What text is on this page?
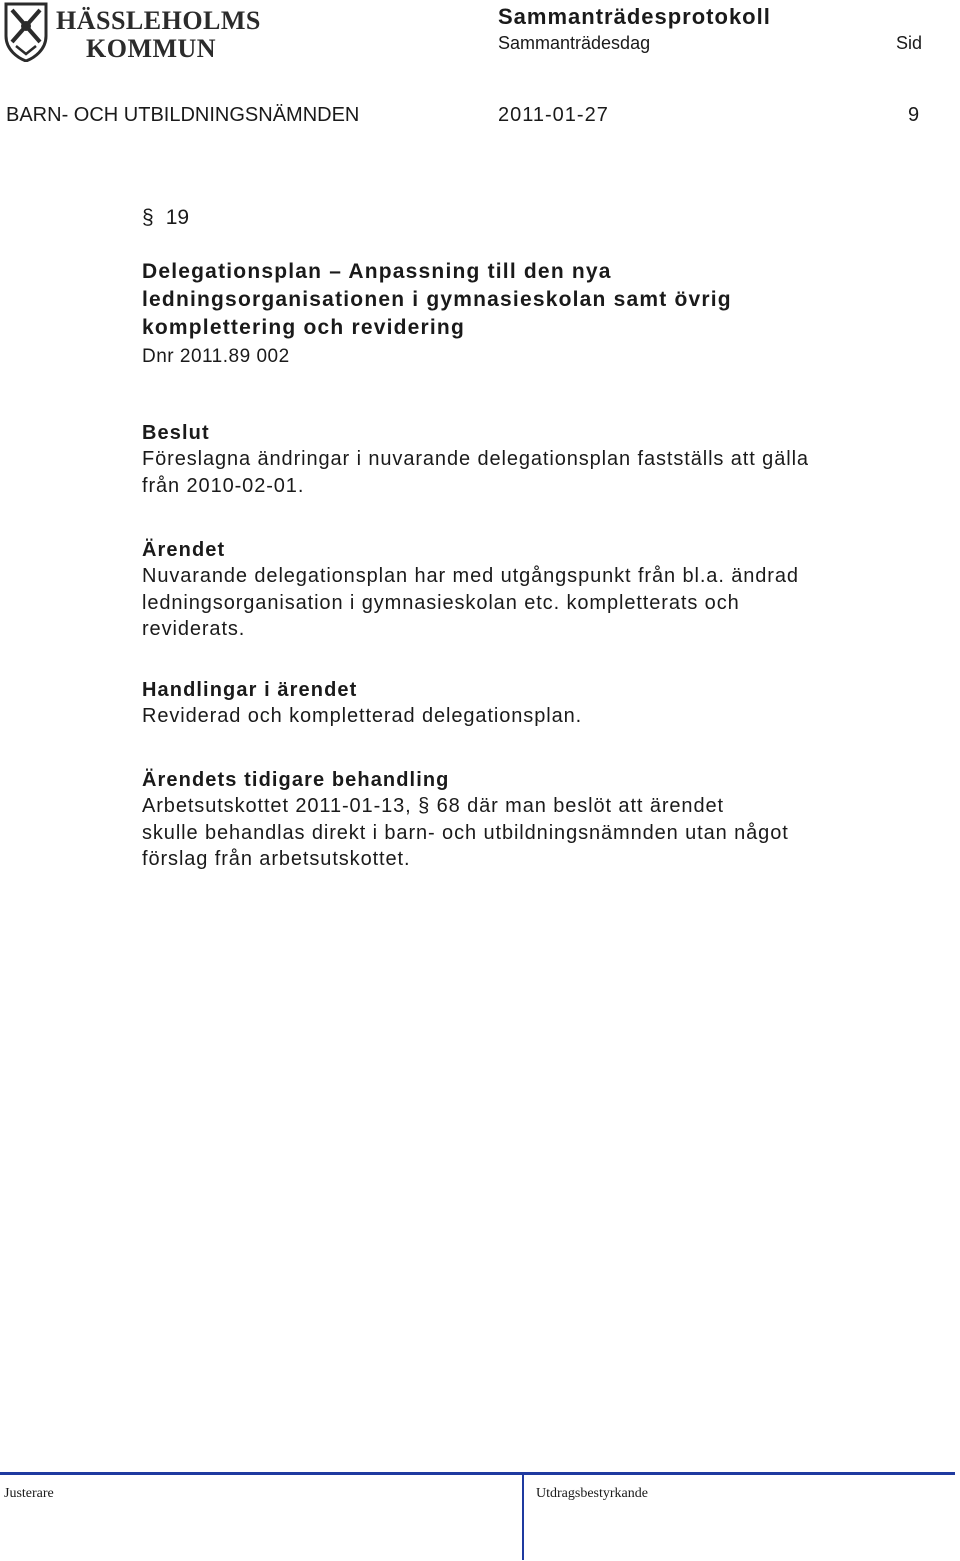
HÄSSLEHOLMS
KOMMUN
Sammanträdesprotokoll
Sammanträdesdag	Sid
BARN- OCH UTBILDNINGSNÄMNDEN	2011-01-27	9
§ 19

Delegationsplan – Anpassning till den nya

ledningsorganisationen i gymnasieskolan samt övrig

komplettering och revidering

Dnr 2011.89 002

Beslut

Föreslagna ändringar i nuvarande delegationsplan fastställs att gälla

från 2010-02-01.

Ärendet

Nuvarande delegationsplan har med utgångspunkt från bl.a. ändrad

ledningsorganisation i gymnasieskolan etc. kompletterats och

reviderats.

Handlingar i ärendet

Reviderad och kompletterad delegationsplan.

Ärendets tidigare behandling

Arbetsutskottet 2011-01-13, § 68 där man beslöt att ärendet

skulle behandlas direkt i barn- och utbildningsnämnden utan något

förslag från arbetsutskottet.

Justerare	Utdragsbestyrkande
